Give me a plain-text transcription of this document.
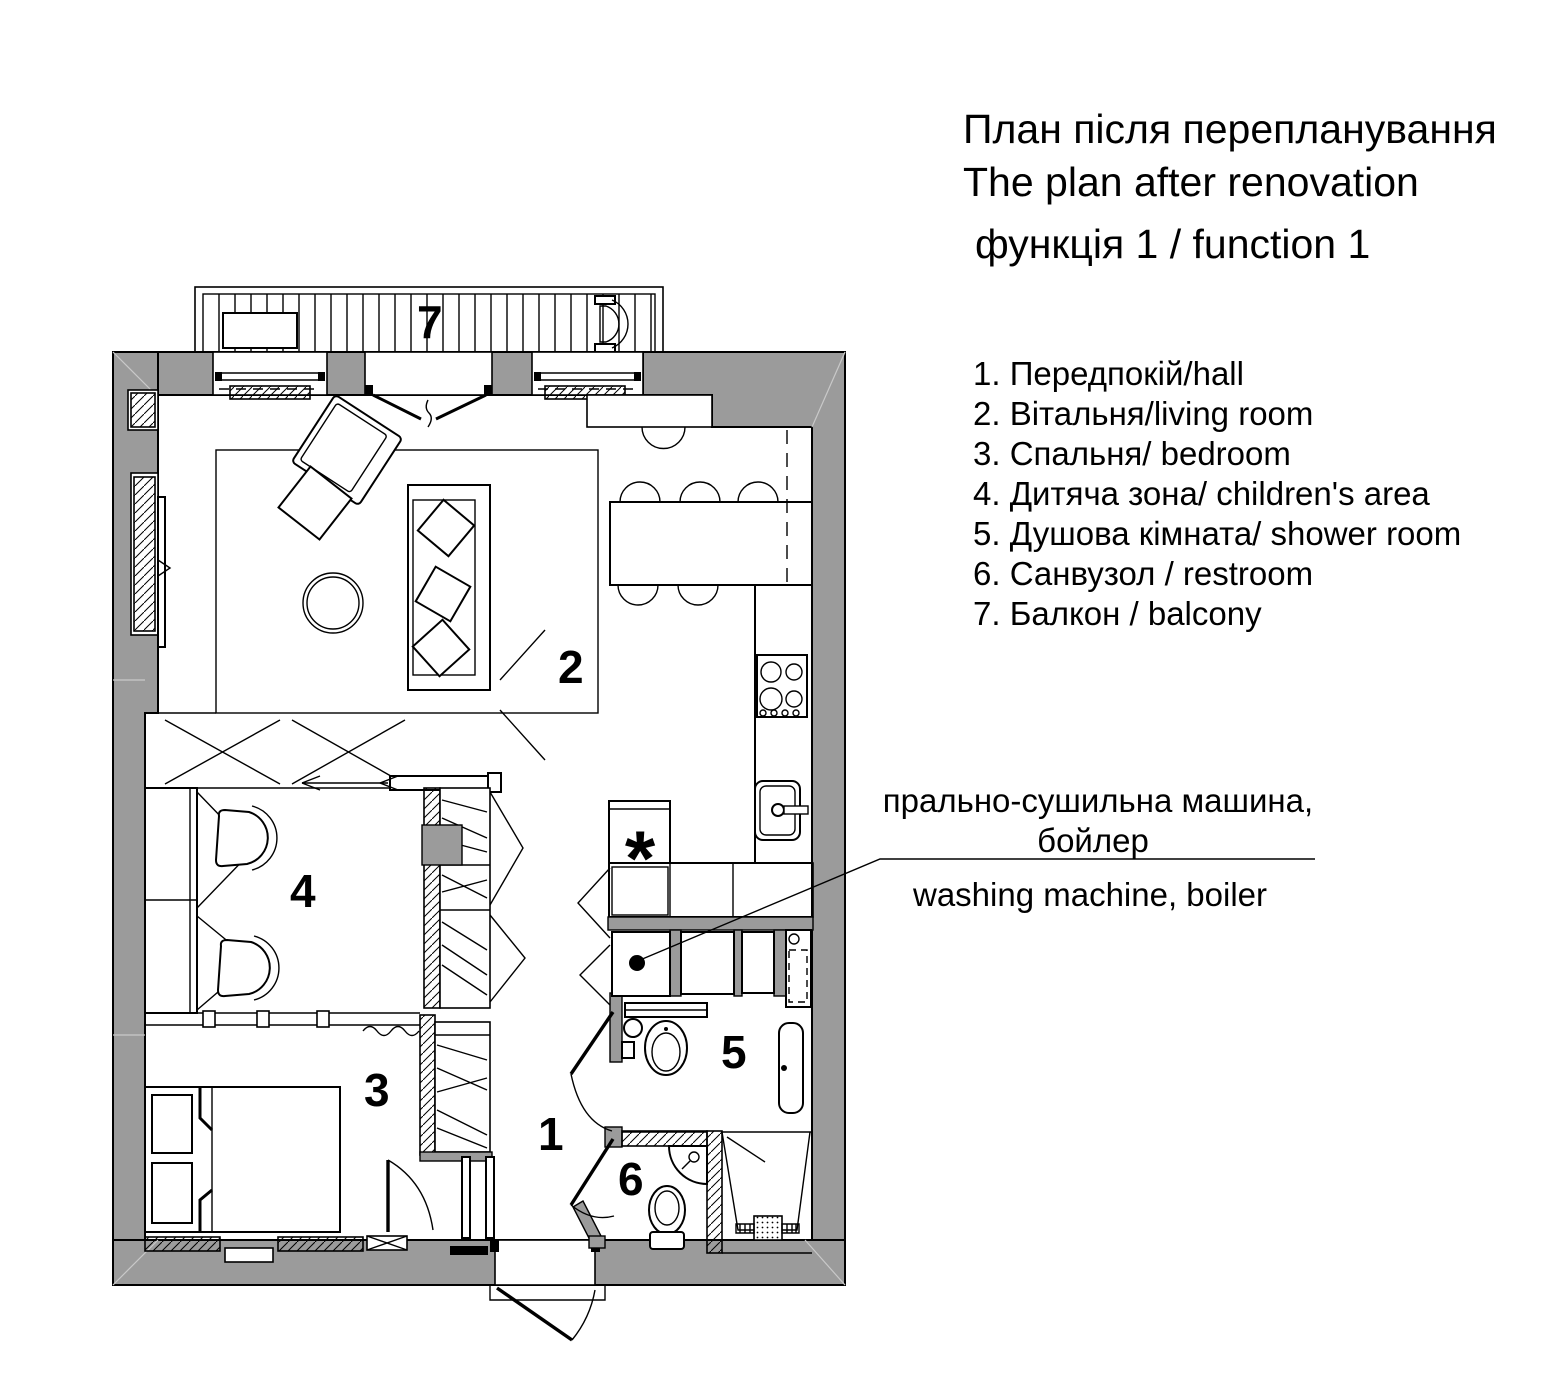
7
2
4
3
1
5
6
*
План після перепланування
The plan after renovation
функція 1 / function 1
1. Передпокій/hall
2. Вітальня/living room
3. Спальня/ bedroom
4. Дитяча зона/ children's area
5. Душова кімната/ shower room
6. Санвузол / restroom
7. Балкон / balcony
прально-сушильна машина,
бойлер
washing machine, boiler
